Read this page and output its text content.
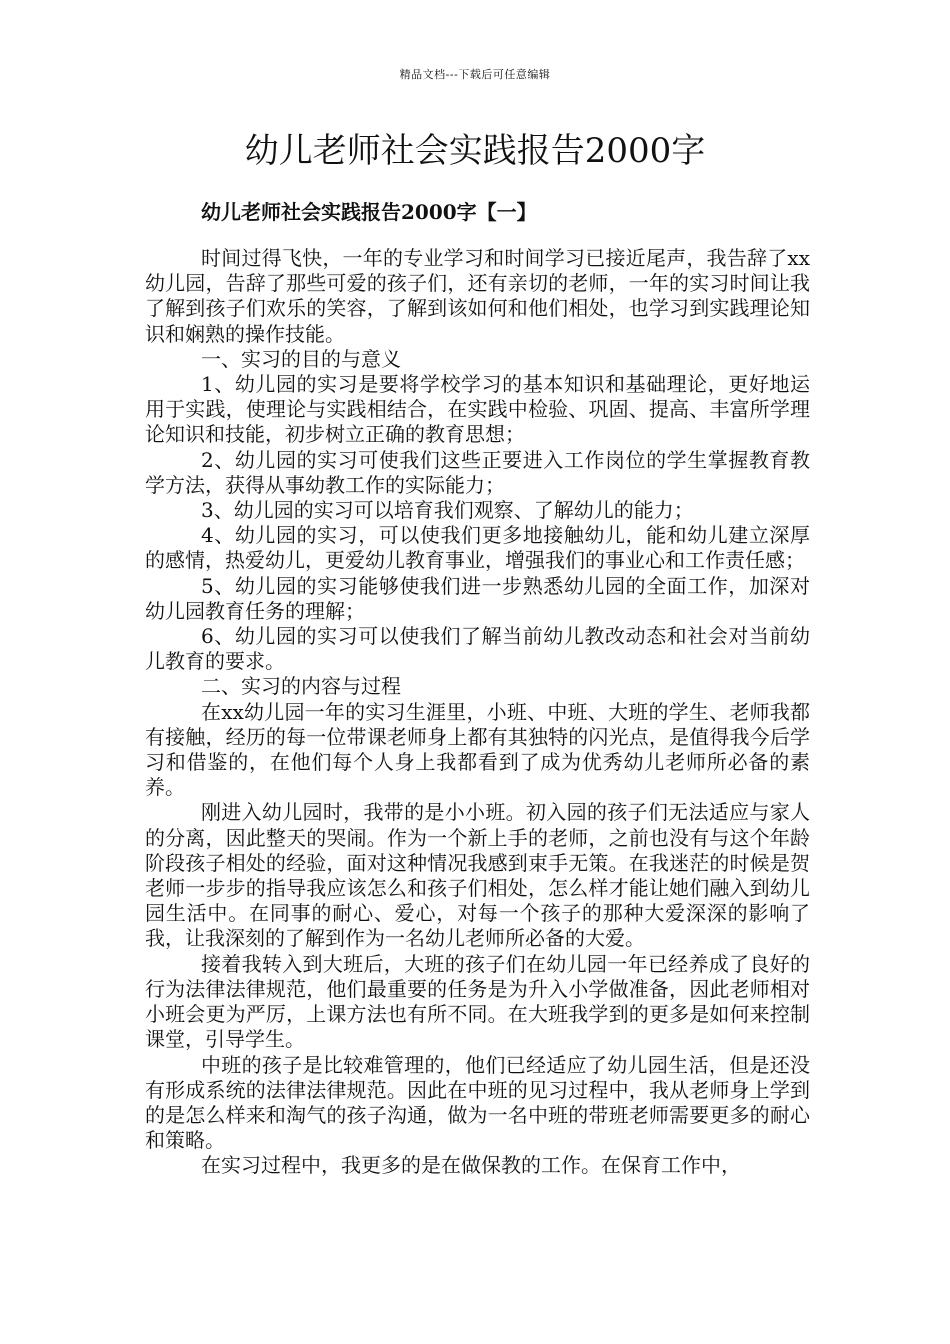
精品文档---下载后可任意编辑
幼儿老师社会实践报告2000字
幼儿老师社会实践报告2000字【一】

时间过得飞快，一年的专业学习和时间学习已接近尾声，我告辞了xx幼儿园，告辞了那些可爱的孩子们，还有亲切的老师，一年的实习时间让我了解到孩子们欢乐的笑容，了解到该如何和他们相处，也学习到实践理论知识和娴熟的操作技能。

一、实习的目的与意义

1、幼儿园的实习是要将学校学习的基本知识和基础理论，更好地运用于实践，使理论与实践相结合，在实践中检验、巩固、提高、丰富所学理论知识和技能，初步树立正确的教育思想；

2、幼儿园的实习可使我们这些正要进入工作岗位的学生掌握教育教学方法，获得从事幼教工作的实际能力；

3、幼儿园的实习可以培育我们观察、了解幼儿的能力；

4、幼儿园的实习，可以使我们更多地接触幼儿，能和幼儿建立深厚的感情，热爱幼儿，更爱幼儿教育事业，增强我们的事业心和工作责任感；

5、幼儿园的实习能够使我们进一步熟悉幼儿园的全面工作，加深对幼儿园教育任务的理解；

6、幼儿园的实习可以使我们了解当前幼儿教改动态和社会对当前幼儿教育的要求。

二、实习的内容与过程

在xx幼儿园一年的实习生涯里，小班、中班、大班的学生、老师我都有接触，经历的每一位带课老师身上都有其独特的闪光点，是值得我今后学习和借鉴的，在他们每个人身上我都看到了成为优秀幼儿老师所必备的素养。

刚进入幼儿园时，我带的是小小班。初入园的孩子们无法适应与家人的分离，因此整天的哭闹。作为一个新上手的老师，之前也没有与这个年龄阶段孩子相处的经验，面对这种情况我感到束手无策。在我迷茫的时候是贺老师一步步的指导我应该怎么和孩子们相处，怎么样才能让她们融入到幼儿园生活中。在同事的耐心、爱心，对每一个孩子的那种大爱深深的影响了我，让我深刻的了解到作为一名幼儿老师所必备的大爱。

接着我转入到大班后，大班的孩子们在幼儿园一年已经养成了良好的行为法律法律规范，他们最重要的任务是为升入小学做准备，因此老师相对小班会更为严厉，上课方法也有所不同。在大班我学到的更多是如何来控制课堂，引导学生。

中班的孩子是比较难管理的，他们已经适应了幼儿园生活，但是还没有形成系统的法律法律规范。因此在中班的见习过程中，我从老师身上学到的是怎么样来和淘气的孩子沟通，做为一名中班的带班老师需要更多的耐心和策略。

在实习过程中，我更多的是在做保教的工作。在保育工作中，
